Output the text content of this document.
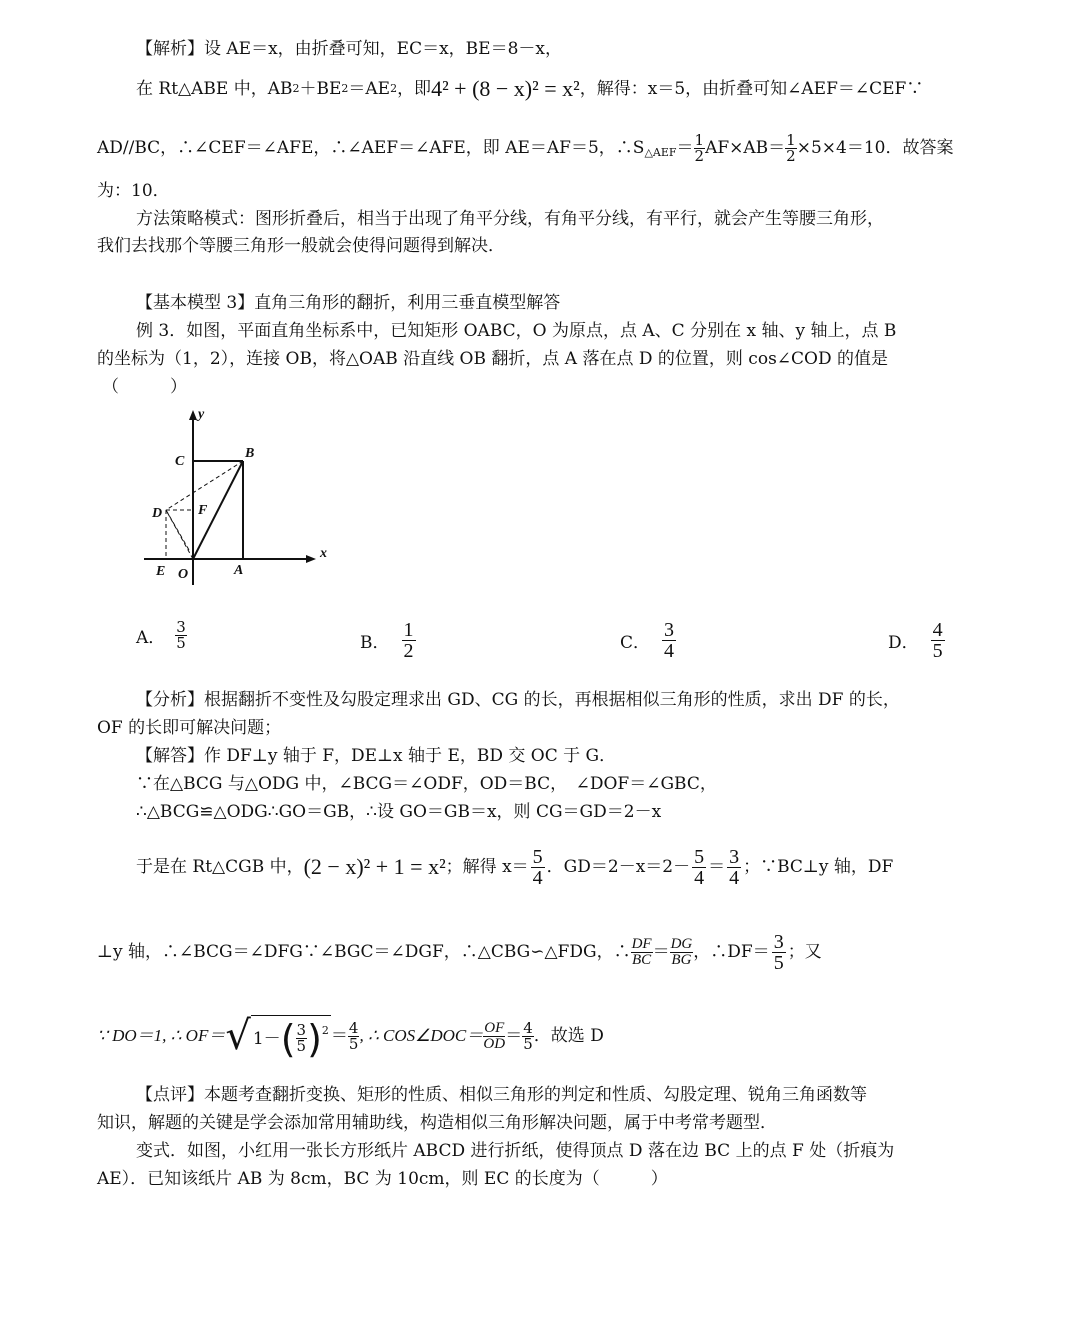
【解析】设 AE＝x，由折叠可知，EC＝x，BE＝8－x，
在 Rt△ABE 中，AB 2 ＋BE 2 ＝AE 2 ，即 4² + (8 − x)² = x² ，解得：x＝5，由折叠可知∠AEF＝∠CEF∵
AD//BC，∴∠CEF＝∠AFE，∴∠AEF＝∠AFE，即 AE＝AF＝5，$\therefore S_{\triangle AEF} = \frac{1}{2} AF\times AB= \frac{1}{2} \times 5\times 4=10$．故答案
为：10．
方法策略模式：图形折叠后，相当于出现了角平分线，有角平分线，有平行，就会产生等腰三角形，
我们去找那个等腰三角形一般就会使得问题得到解决．
【基本模型 3】直角三角形的翻折，利用三垂直模型解答
例 3．如图，平面直角坐标系中，已知矩形 OABC，O 为原点，点 A、C 分别在 x 轴、y 轴上，点 B
的坐标为（1，2），连接 OB，将△OAB 沿直线 OB 翻折，点 A 落在点 D 的位置，则 cos∠COD 的值是
（　　　）
y
C
B
D	F
x
E O	A
A． $\frac{3}{5}$	B． $\frac{1}{2}$	C． $\frac{3}{4}$	D． $\frac{4}{5}$
【分析】根据翻折不变性及勾股定理求出 GD、CG 的长，再根据相似三角形的性质，求出 DF 的长，
OF 的长即可解决问题；
【解答】作 DF⊥y 轴于 F，DE⊥x 轴于 E，BD 交 OC 于 G．
∵在△BCG 与△ODG 中，∠BCG＝∠ODF，OD＝BC，　∠DOF＝∠GBC，
∴△BCG≌△ODG∴GO＝GB，∴设 GO＝GB＝x，则 CG＝GD＝2－x
于是在 Rt△CGB 中， (2 − x)² + 1 = x² ；解得 $x= \frac{5}{4}$ ．$GD=2-x=2- \frac{5}{4} = \frac{3}{4}$ ；∵BC⊥y 轴，DF
⊥y 轴，∴∠BCG＝∠DFG∵∠BGC＝∠DGF，∴△CBG∽△FDG，∴ $\frac{DF}{BC} = \frac{DG}{BG}$ ，∴DF＝ $\frac{3}{5}$ ；又
∵ DO＝1, ∴ OF＝ √ 1－ ( $\frac{3}{5} )^2 = \frac{4}{5}$ , ∴ COS∠DOC＝ $\frac{OF}{OD} = \frac{4}{5}$ ．故选 D
【点评】本题考查翻折变换、矩形的性质、相似三角形的判定和性质、勾股定理、锐角三角函数等
知识，解题的关键是学会添加常用辅助线，构造相似三角形解决问题，属于中考常考题型．
变式．如图，小红用一张长方形纸片 ABCD 进行折纸，使得顶点 D 落在边 BC 上的点 F 处（折痕为
AE）．已知该纸片 AB 为 8cm，BC 为 10cm，则 EC 的长度为（　　　）
